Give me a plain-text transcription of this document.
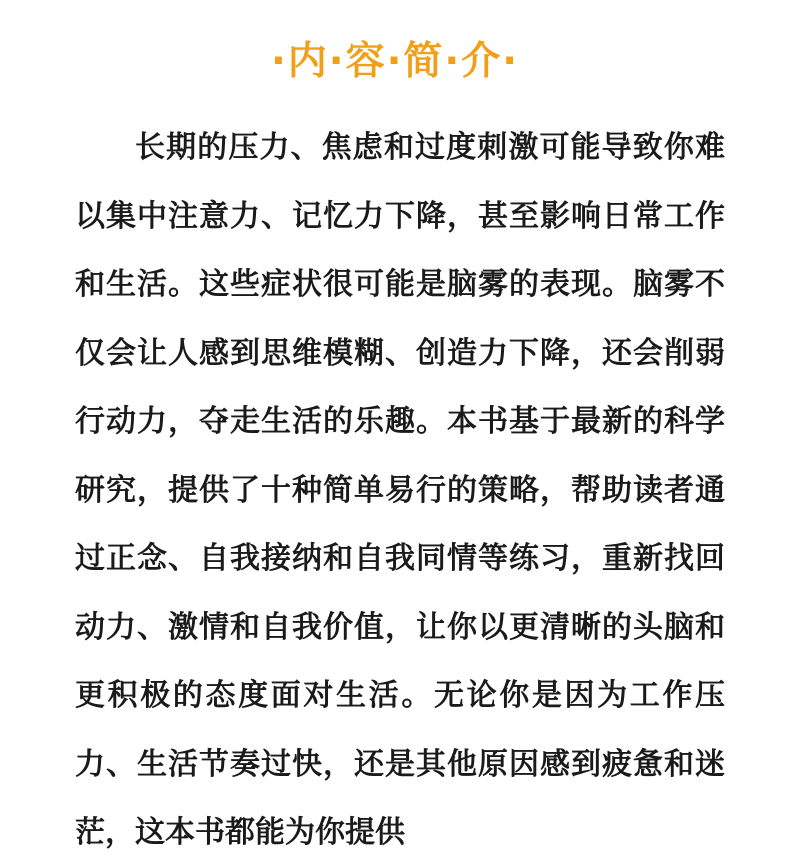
·内·容·简·介·

长期的压力、焦虑和过度刺激可能导致你难以集中注意力、记忆力下降，甚至影响日常工作和生活。这些症状很可能是脑雾的表现。脑雾不仅会让人感到思维模糊、创造力下降，还会削弱行动力，夺走生活的乐趣。本书基于最新的科学研究，提供了十种简单易行的策略，帮助读者通过正念、自我接纳和自我同情等练习，重新找回动力、激情和自我价值，让你以更清晰的头脑和更积极的态度面对生活。无论你是因为工作压力、生活节奏过快，还是其他原因感到疲惫和迷茫，这本书都能为你提供
